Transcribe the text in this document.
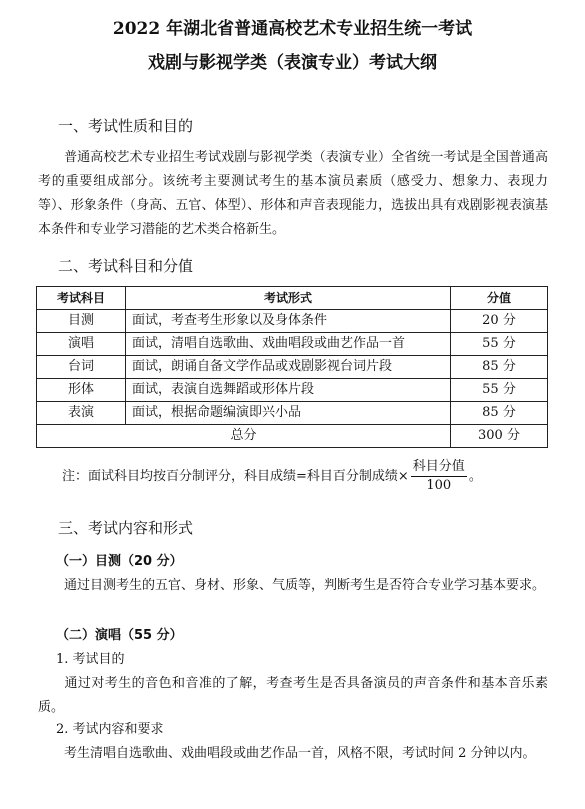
2022 年湖北省普通高校艺术专业招生统一考试
戏剧与影视学类（表演专业）考试大纲
一、考试性质和目的
普通高校艺术专业招生考试戏剧与影视学类（表演专业）全省统一考试是全国普通高考的重要组成部分。该统考主要测试考生的基本演员素质（感受力、想象力、表现力等）、形象条件（身高、五官、体型）、形体和声音表现能力，选拔出具有戏剧影视表演基本条件和专业学习潜能的艺术类合格新生。
二、考试科目和分值
考试科目	考试形式	分值
目测	面试，考查考生形象以及身体条件	20 分
演唱	面试，清唱自选歌曲、戏曲唱段或曲艺作品一首	55 分
台词	面试，朗诵自备文学作品或戏剧影视台词片段	85 分
形体	面试，表演自选舞蹈或形体片段	55 分
表演	面试，根据命题编演即兴小品	85 分
总分		300 分
注：面试科目均按百分制评分，科目成绩=科目百分制成绩× $\frac{\text{科目分值}}{100}$ 。
三、考试内容和形式
（一）目测（20 分）
通过目测考生的五官、身材、形象、气质等，判断考生是否符合专业学习基本要求。
（二）演唱（55 分）
1. 考试目的
通过对考生的音色和音准的了解，考查考生是否具备演员的声音条件和基本音乐素质。
2. 考试内容和要求
考生清唱自选歌曲、戏曲唱段或曲艺作品一首，风格不限，考试时间 2 分钟以内。
